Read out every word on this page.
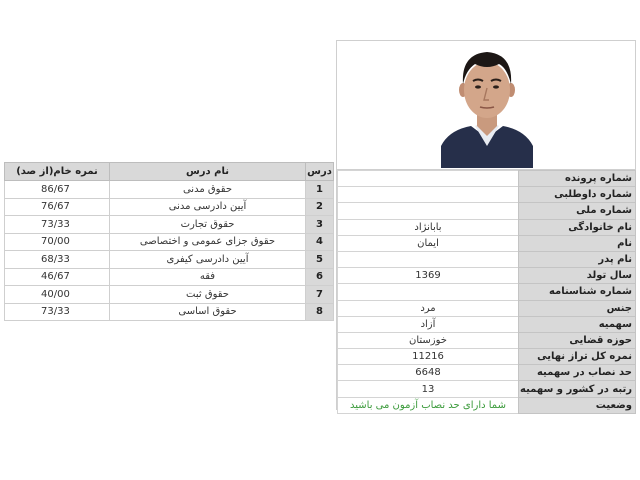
درس	نام درس	نمره خام(از صد)
1	حقوق مدنی	86/67
2	آیین دادرسی مدنی	76/67
3	حقوق تجارت	73/33
4	حقوق جزای عمومی و اختصاصی	70/00
5	آیین دادرسی کیفری	68/33
6	فقه	46/67
7	حقوق ثبت	40/00
8	حقوق اساسی	73/33
شماره پرونده	
شماره داوطلبی	
شماره ملی	
نام خانوادگی	بابانژاد
نام	ایمان
نام پدر	
سال تولد	1369
شماره شناسنامه	
جنس	مرد
سهمیه	آزاد
حوزه قضایی	خوزستان
نمره کل تراز نهایی	11216
حد نصاب در سهمیه	6648
رتبه در کشور و سهمیه	13
وضعیت	شما دارای حد نصاب آزمون می باشید
